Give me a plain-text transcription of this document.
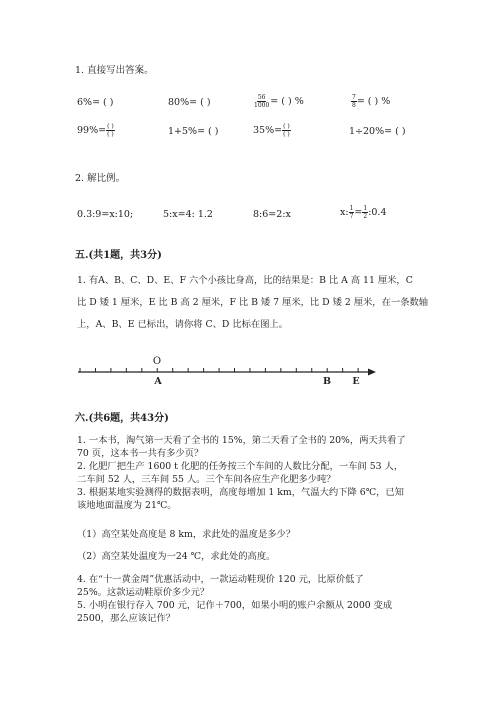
1. 直接写出答案。
6% = ( )	80% = ( )	$\frac{56}{1000}$ = ( ) %	$\frac{7}{8}$ = ( ) %
$99\% = \frac{( )}{( )}$	1+5% = ( )	$35\% = \frac{( )}{( )}$	1÷20% = ( )
2. 解比例。
0.3:9=x:10;	5:x=4: 1.2	8:6=2:x	x: $\frac{1}{7} = \frac{1}{2}$ :0.4
五.(共1题，共3分)
1. 有A、B、C、D、E、F 六个小孩比身高，比的结果是：B 比 A 高 11 厘米，C
比 D 矮 1 厘米，E 比 B 高 2 厘米，F 比 B 矮 7 厘米，比 D 矮 2 厘米，在一条数轴
上，A、B、E 已标出，请你将 C、D 比标在图上。
O
A	B E
六.(共6题，共43分)
1. 一本书，淘气第一天看了全书的 15%，第二天看了全书的 20%，两天共看了
70 页，这本书一共有多少页？
2. 化肥厂把生产 1600 t 化肥的任务按三个车间的人数比分配，一车间 53 人，
二车间 52 人，三车间 55 人。三个车间各应生产化肥多少吨？
3. 根据某地实验测得的数据表明，高度每增加 1 km，气温大约下降 6℃，已知
该地地面温度为 21℃。
（1）高空某处高度是 8 km，求此处的温度是多少？
（2）高空某处温度为一24 ℃，求此处的高度。
4. 在“十一黄金周”优惠活动中，一款运动鞋现价 120 元，比原价低了
25%。这款运动鞋原价多少元？
5. 小明在银行存入 700 元，记作＋700，如果小明的账户余额从 2000 变成
2500，那么应该记作？
